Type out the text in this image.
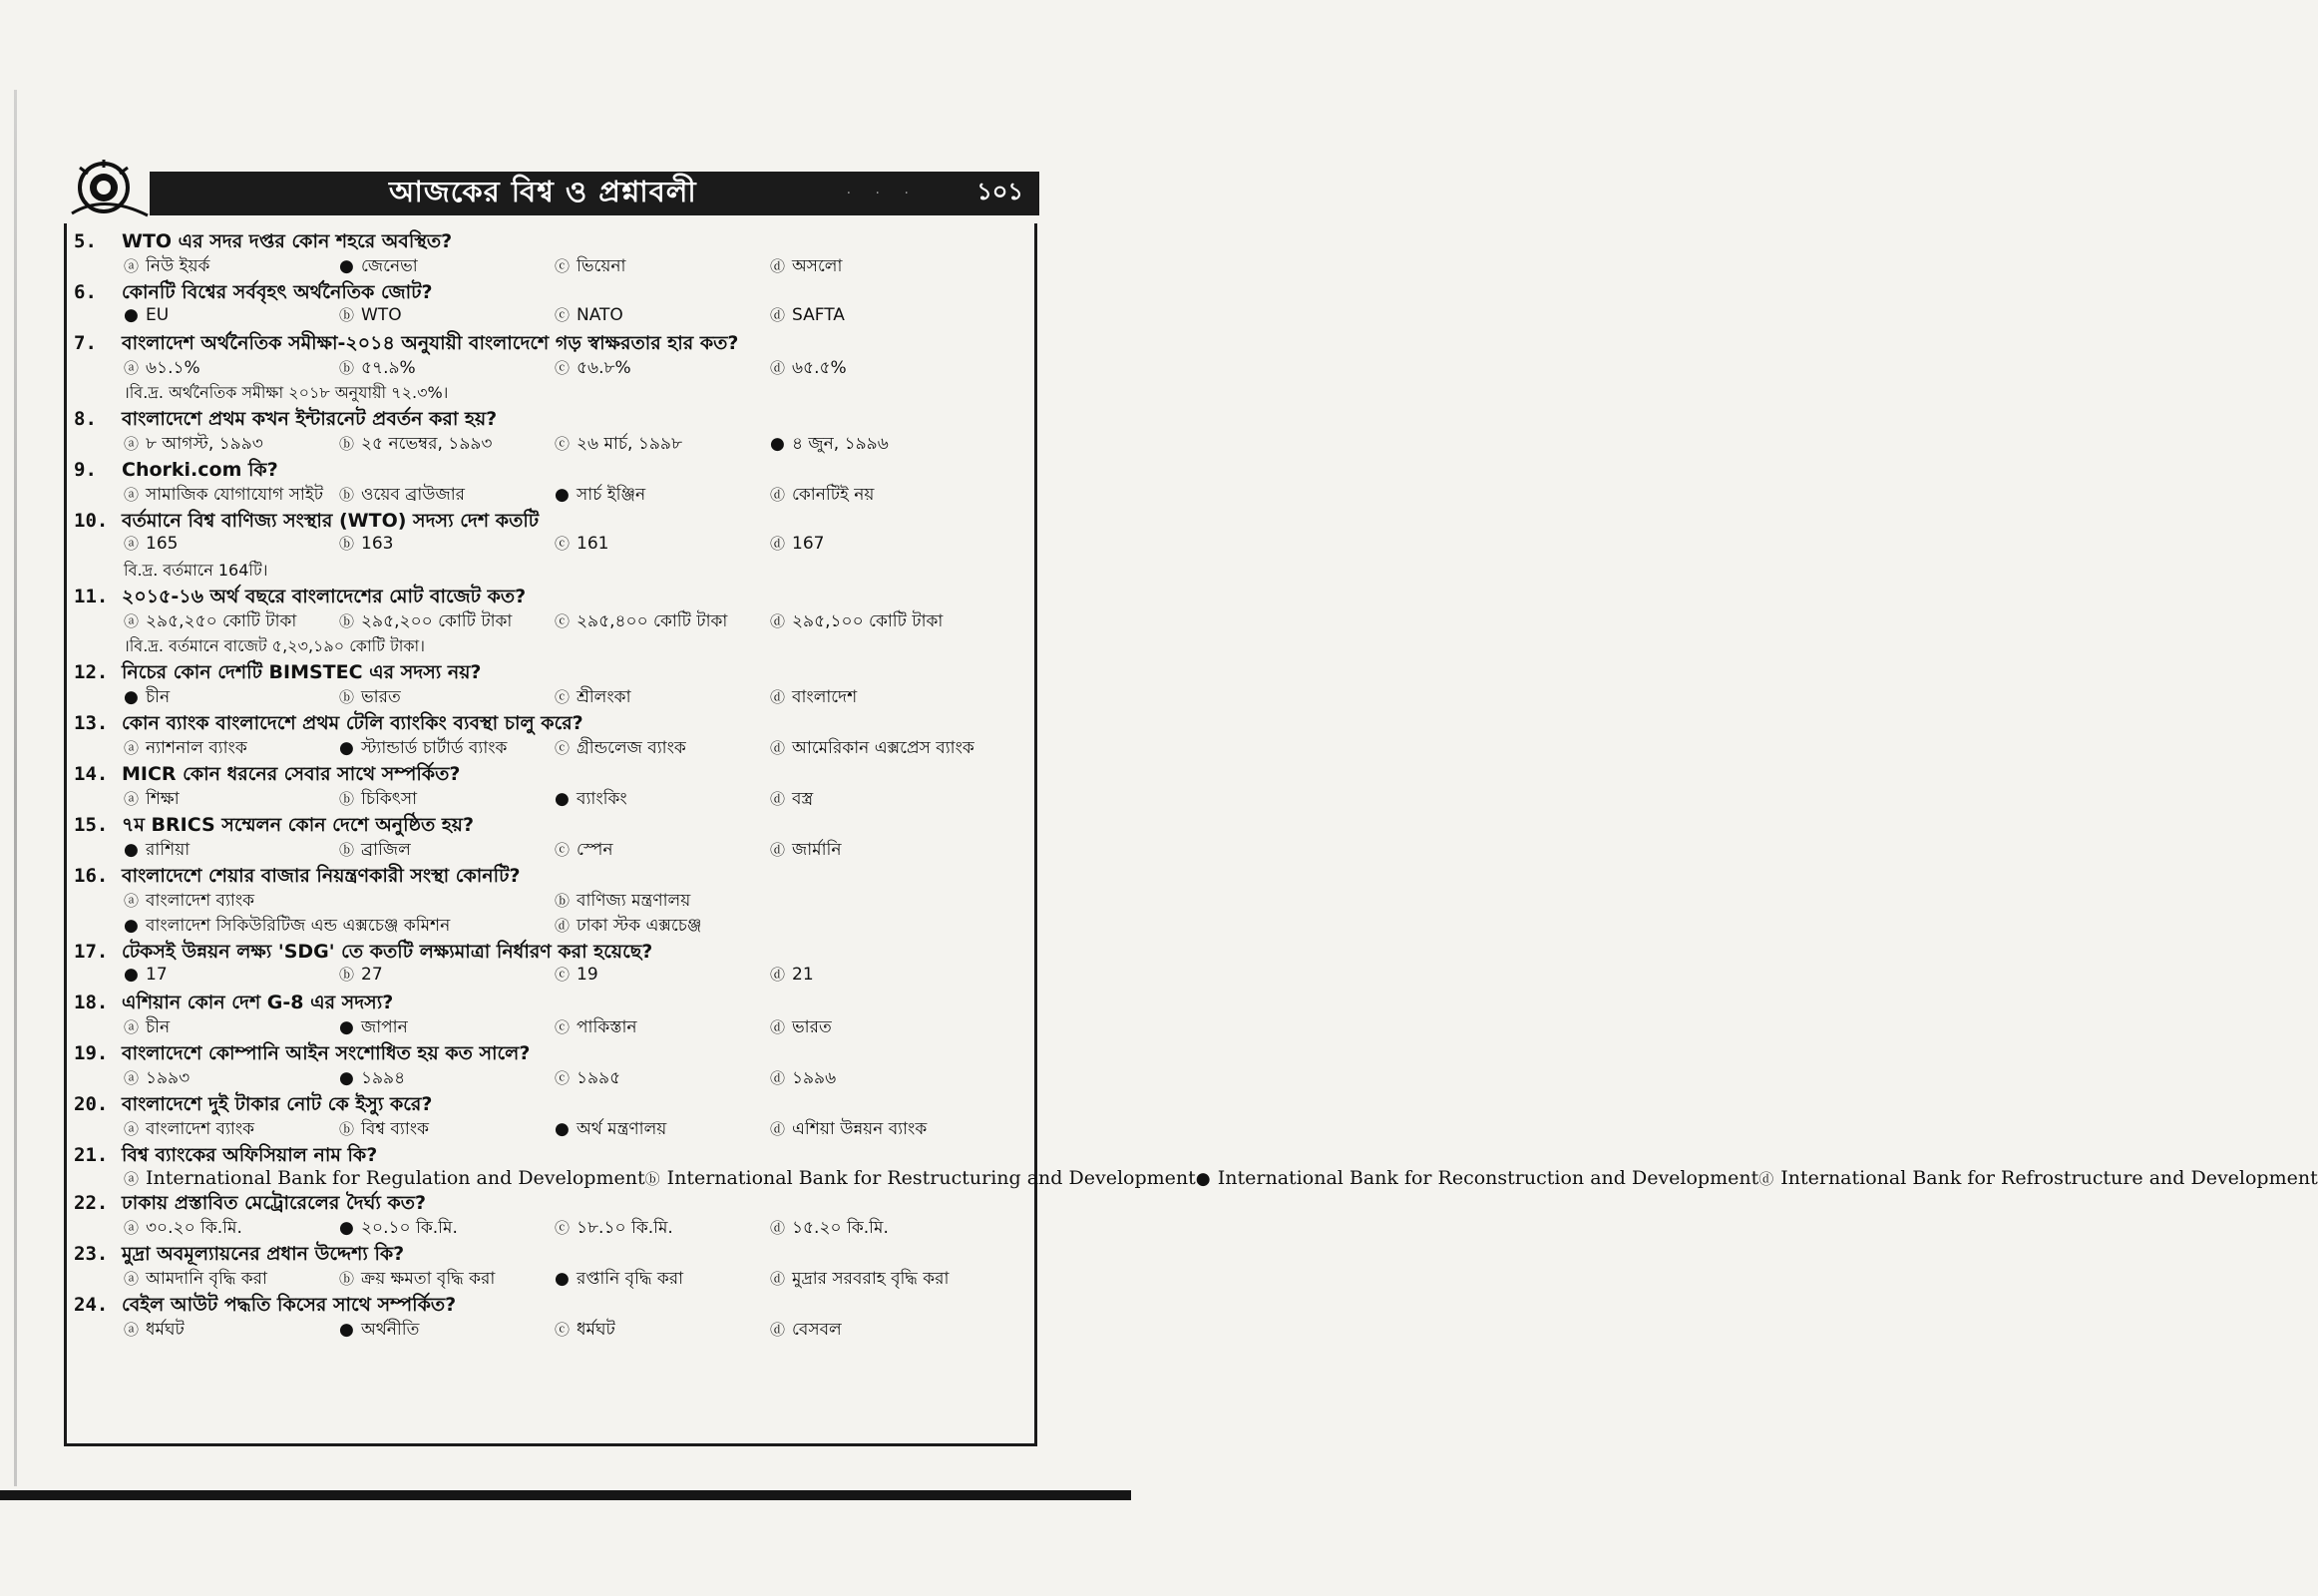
আজকের বিশ্ব ও প্রশ্নাবলী	· · · ১০১
5.	WTO এর সদর দপ্তর কোন শহরে অবস্থিত?
ⓐ নিউ ইয়র্ক	● জেনেভা	ⓒ ভিয়েনা	ⓓ অসলো
6.	কোনটি বিশ্বের সর্ববৃহৎ অর্থনৈতিক জোট?
● EU	ⓑ WTO	ⓒ NATO	ⓓ SAFTA
7.	বাংলাদেশ অর্থনৈতিক সমীক্ষা-২০১৪ অনুযায়ী বাংলাদেশে গড় স্বাক্ষরতার হার কত?
ⓐ ৬১.১%	ⓑ ৫৭.৯%	ⓒ ৫৬.৮%	ⓓ ৬৫.৫%
।বি.দ্র. অর্থনৈতিক সমীক্ষা ২০১৮ অনুযায়ী ৭২.৩%।
8.	বাংলাদেশে প্রথম কখন ইন্টারনেট প্রবর্তন করা হয়?
ⓐ ৮ আগস্ট, ১৯৯৩	ⓑ ২৫ নভেম্বর, ১৯৯৩	ⓒ ২৬ মার্চ, ১৯৯৮	● ৪ জুন, ১৯৯৬
9.	Chorki.com কি?
ⓐ সামাজিক যোগাযোগ সাইট	ⓑ ওয়েব ব্রাউজার	● সার্চ ইঞ্জিন	ⓓ কোনটিই নয়
10. বর্তমানে বিশ্ব বাণিজ্য সংস্থার (WTO) সদস্য দেশ কতটি
ⓐ 165	ⓑ 163	ⓒ 161	ⓓ 167
বি.দ্র. বর্তমানে 164টি।
11. ২০১৫-১৬ অর্থ বছরে বাংলাদেশের মোট বাজেট কত?
ⓐ ২৯৫,২৫০ কোটি টাকা	ⓑ ২৯৫,২০০ কোটি টাকা	ⓒ ২৯৫,৪০০ কোটি টাকা	ⓓ ২৯৫,১০০ কোটি টাকা
।বি.দ্র. বর্তমানে বাজেট ৫,২৩,১৯০ কোটি টাকা।
12. নিচের কোন দেশটি BIMSTEC এর সদস্য নয়?
● চীন	ⓑ ভারত	ⓒ শ্রীলংকা	ⓓ বাংলাদেশ
13. কোন ব্যাংক বাংলাদেশে প্রথম টেলি ব্যাংকিং ব্যবস্থা চালু করে?
ⓐ ন্যাশনাল ব্যাংক	● স্ট্যান্ডার্ড চার্টার্ড ব্যাংক	ⓒ গ্রীন্ডলেজ ব্যাংক	ⓓ আমেরিকান এক্সপ্রেস ব্যাংক
14. MICR কোন ধরনের সেবার সাথে সম্পর্কিত?
ⓐ শিক্ষা	ⓑ চিকিৎসা	● ব্যাংকিং	ⓓ বস্ত্র
15. ৭ম BRICS সম্মেলন কোন দেশে অনুষ্ঠিত হয়?
● রাশিয়া	ⓑ ব্রাজিল	ⓒ স্পেন	ⓓ জার্মানি
16. বাংলাদেশে শেয়ার বাজার নিয়ন্ত্রণকারী সংস্থা কোনটি?
ⓐ বাংলাদেশ ব্যাংক	ⓑ বাণিজ্য মন্ত্রণালয়
● বাংলাদেশ সিকিউরিটিজ এন্ড এক্সচেঞ্জ কমিশন	ⓓ ঢাকা স্টক এক্সচেঞ্জ
17. টেকসই উন্নয়ন লক্ষ্য 'SDG' তে কতটি লক্ষ্যমাত্রা নির্ধারণ করা হয়েছে?
● 17	ⓑ 27	ⓒ 19	ⓓ 21
18. এশিয়ান কোন দেশ G-8 এর সদস্য?
ⓐ চীন	● জাপান	ⓒ পাকিস্তান	ⓓ ভারত
19. বাংলাদেশে কোম্পানি আইন সংশোধিত হয় কত সালে?
ⓐ ১৯৯৩	● ১৯৯৪	ⓒ ১৯৯৫	ⓓ ১৯৯৬
20. বাংলাদেশে দুই টাকার নোট কে ইস্যু করে?
ⓐ বাংলাদেশ ব্যাংক	ⓑ বিশ্ব ব্যাংক	● অর্থ মন্ত্রণালয়	ⓓ এশিয়া উন্নয়ন ব্যাংক
21. বিশ্ব ব্যাংকের অফিসিয়াল নাম কি?
ⓐ International Bank for Regulation and Developmentⓑ International Bank for Restructuring and Development● International Bank for Reconstruction and Developmentⓓ International Bank for Refrostructure and Development
22. ঢাকায় প্রস্তাবিত মেট্রোরেলের দৈর্ঘ্য কত?
ⓐ ৩০.২০ কি.মি.	● ২০.১০ কি.মি.	ⓒ ১৮.১০ কি.মি.	ⓓ ১৫.২০ কি.মি.
23. মুদ্রা অবমূল্যায়নের প্রধান উদ্দেশ্য কি?
ⓐ আমদানি বৃদ্ধি করা	ⓑ ক্রয় ক্ষমতা বৃদ্ধি করা	● রপ্তানি বৃদ্ধি করা	ⓓ মুদ্রার সরবরাহ বৃদ্ধি করা
24. বেইল আউট পদ্ধতি কিসের সাথে সম্পর্কিত?
ⓐ ধর্মঘট	● অর্থনীতি	ⓒ ধর্মঘট	ⓓ বেসবল
